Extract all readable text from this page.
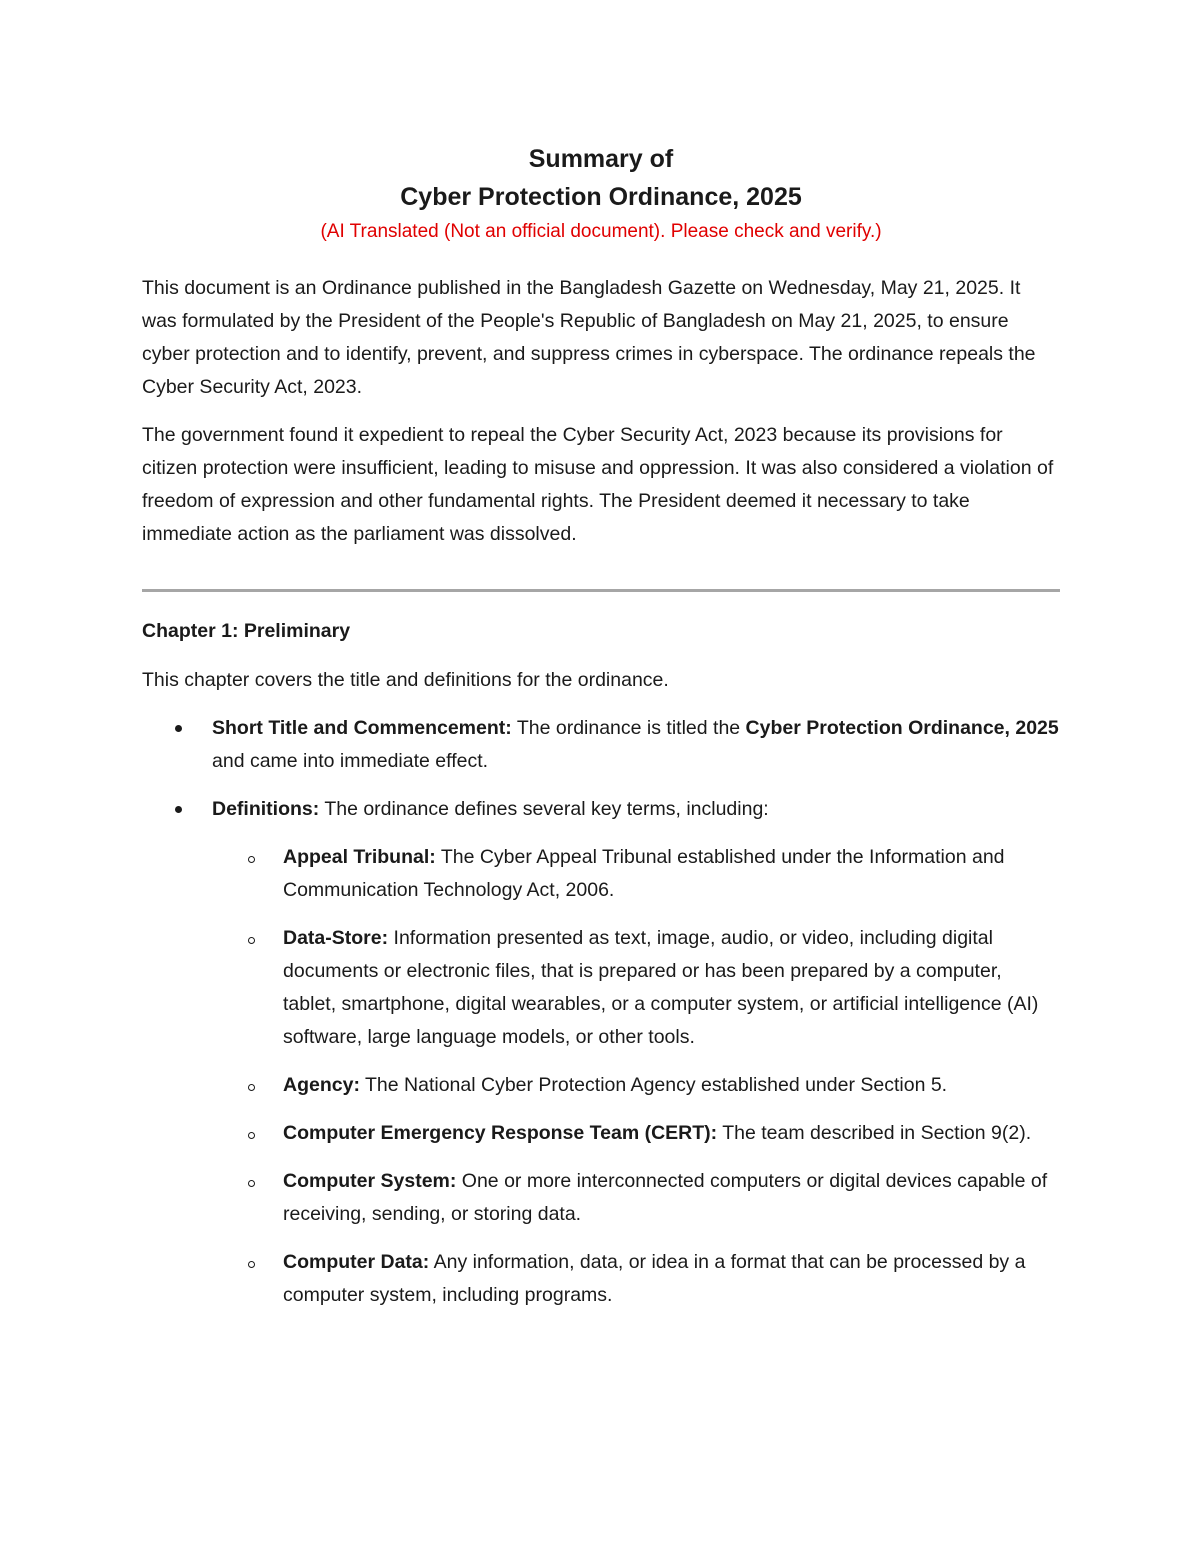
Summary of
Cyber Protection Ordinance, 2025
(AI Translated (Not an official document). Please check and verify.)

This document is an Ordinance published in the Bangladesh Gazette on Wednesday, May 21, 2025. It was formulated by the President of the People's Republic of Bangladesh on May 21, 2025, to ensure cyber protection and to identify, prevent, and suppress crimes in cyberspace. The ordinance repeals the Cyber Security Act, 2023.

The government found it expedient to repeal the Cyber Security Act, 2023 because its provisions for citizen protection were insufficient, leading to misuse and oppression. It was also considered a violation of freedom of expression and other fundamental rights. The President deemed it necessary to take immediate action as the parliament was dissolved.

Chapter 1: Preliminary

This chapter covers the title and definitions for the ordinance.

Short Title and Commencement: The ordinance is titled the Cyber Protection Ordinance, 2025 and came into immediate effect.
Definitions: The ordinance defines several key terms, including:
Appeal Tribunal: The Cyber Appeal Tribunal established under the Information and Communication Technology Act, 2006.
Data-Store: Information presented as text, image, audio, or video, including digital documents or electronic files, that is prepared or has been prepared by a computer, tablet, smartphone, digital wearables, or a computer system, or artificial intelligence (AI) software, large language models, or other tools.
Agency: The National Cyber Protection Agency established under Section 5.
Computer Emergency Response Team (CERT): The team described in Section 9(2).
Computer System: One or more interconnected computers or digital devices capable of receiving, sending, or storing data.
Computer Data: Any information, data, or idea in a format that can be processed by a computer system, including programs.
